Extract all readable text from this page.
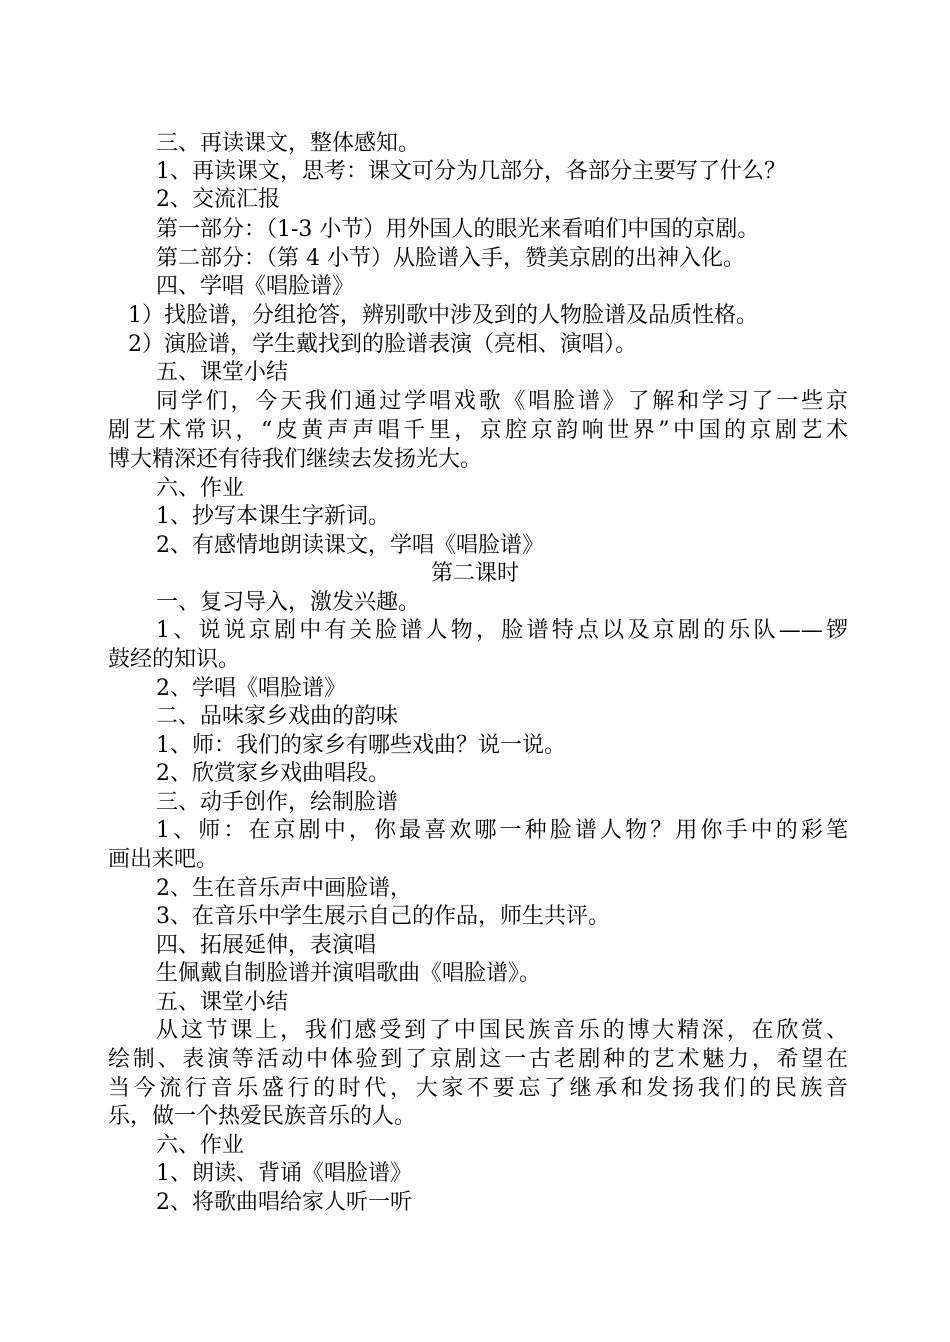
三、再读课文，整体感知。
1、再读课文，思考：课文可分为几部分，各部分主要写了什么？
2、交流汇报
第一部分：（1-3 小节）用外国人的眼光来看咱们中国的京剧。
第二部分：（第 4 小节）从脸谱入手，赞美京剧的出神入化。
四、学唱《唱脸谱》
1）找脸谱，分组抢答，辨别歌中涉及到的人物脸谱及品质性格。
2）演脸谱，学生戴找到的脸谱表演（亮相、演唱）。
五、课堂小结
同学们，今天我们通过学唱戏歌《唱脸谱》了解和学习了一些京
剧艺术常识，“皮黄声声唱千里，京腔京韵响世界”中国的京剧艺术
博大精深还有待我们继续去发扬光大。
六、作业
1、抄写本课生字新词。
2、有感情地朗读课文，学唱《唱脸谱》
第二课时
一、复习导入，激发兴趣。
1、说说京剧中有关脸谱人物，脸谱特点以及京剧的乐队——锣
鼓经的知识。
2、学唱《唱脸谱》
二、品味家乡戏曲的韵味
1、师：我们的家乡有哪些戏曲？说一说。
2、欣赏家乡戏曲唱段。
三、动手创作，绘制脸谱
1、师：在京剧中，你最喜欢哪一种脸谱人物？用你手中的彩笔
画出来吧。
2、生在音乐声中画脸谱，
3、在音乐中学生展示自己的作品，师生共评。
四、拓展延伸，表演唱
生佩戴自制脸谱并演唱歌曲《唱脸谱》。
五、课堂小结
从这节课上，我们感受到了中国民族音乐的博大精深，在欣赏、
绘制、表演等活动中体验到了京剧这一古老剧种的艺术魅力，希望在
当今流行音乐盛行的时代，大家不要忘了继承和发扬我们的民族音
乐，做一个热爱民族音乐的人。
六、作业
1、朗读、背诵《唱脸谱》
2、将歌曲唱给家人听一听
